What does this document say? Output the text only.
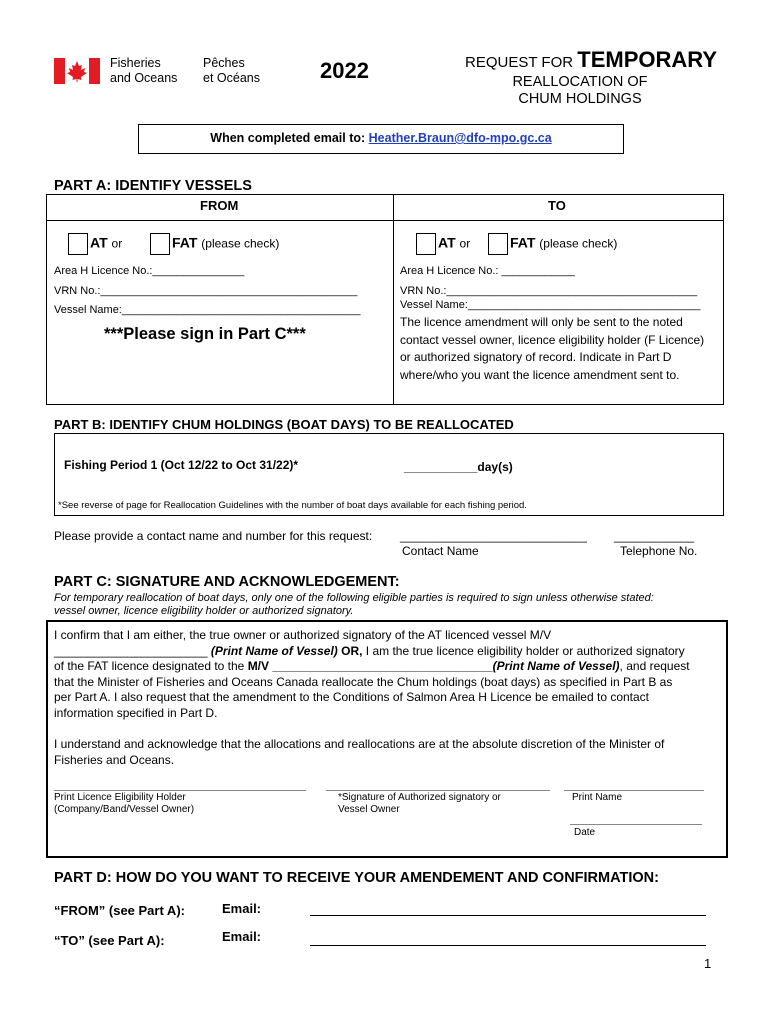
Fisheries
and Oceans
Pêches
et Océans	2022	REQUEST FOR TEMPORARY
REALLOCATION OF
CHUM HOLDINGS
When completed email to: Heather.Braun@dfo-mpo.gc.ca
PART A: IDENTIFY VESSELS
FROM	TO
AT or	FAT (please check)	AT or	FAT (please check)
Area H Licence No.:_______________	Area H Licence No.: ____________
VRN No.:__________________________________________	VRN No.:_________________________________________
Vessel Name:_______________________________________	Vessel Name:______________________________________
***Please sign in Part C***
The licence amendment will only be sent to the noted contact vessel owner, licence eligibility holder (F Licence) or authorized signatory of record. Indicate in Part D where/who you want the licence amendment sent to.
PART B: IDENTIFY CHUM HOLDINGS (BOAT DAYS) TO BE REALLOCATED
Fishing Period 1 (Oct 12/22 to Oct 31/22)*	___________day(s)
*See reverse of page for Reallocation Guidelines with the number of boat days available for each fishing period.
Please provide a contact name and number for this request: ____________________________ ____________
Contact Name	Telephone No.
PART C: SIGNATURE AND ACKNOWLEDGEMENT:
For temporary reallocation of boat days, only one of the following eligible parties is required to sign unless otherwise stated:
vessel owner, licence eligibility holder or authorized signatory.
I confirm that I am either, the true owner or authorized signatory of the AT licenced vessel M/V
_______________________ (Print Name of Vessel) OR, I am the true licence eligibility holder or authorized signatory
of the FAT licence designated to the M/V _________________________________(Print Name of Vessel), and request
that the Minister of Fisheries and Oceans Canada reallocate the Chum holdings (boat days) as specified in Part B as
per Part A. I also request that the amendment to the Conditions of Salmon Area H Licence be emailed to contact
information specified in Part D.
I understand and acknowledge that the allocations and reallocations are at the absolute discretion of the Minister of
Fisheries and Oceans.
Print Licence Eligibility Holder
(Company/Band/Vessel Owner)
*Signature of Authorized signatory or
Vessel Owner
Print Name
Date
PART D: HOW DO YOU WANT TO RECEIVE YOUR AMENDEMENT AND CONFIRMATION:
“FROM” (see Part A):	Email:
“TO” (see Part A):	Email:
1
